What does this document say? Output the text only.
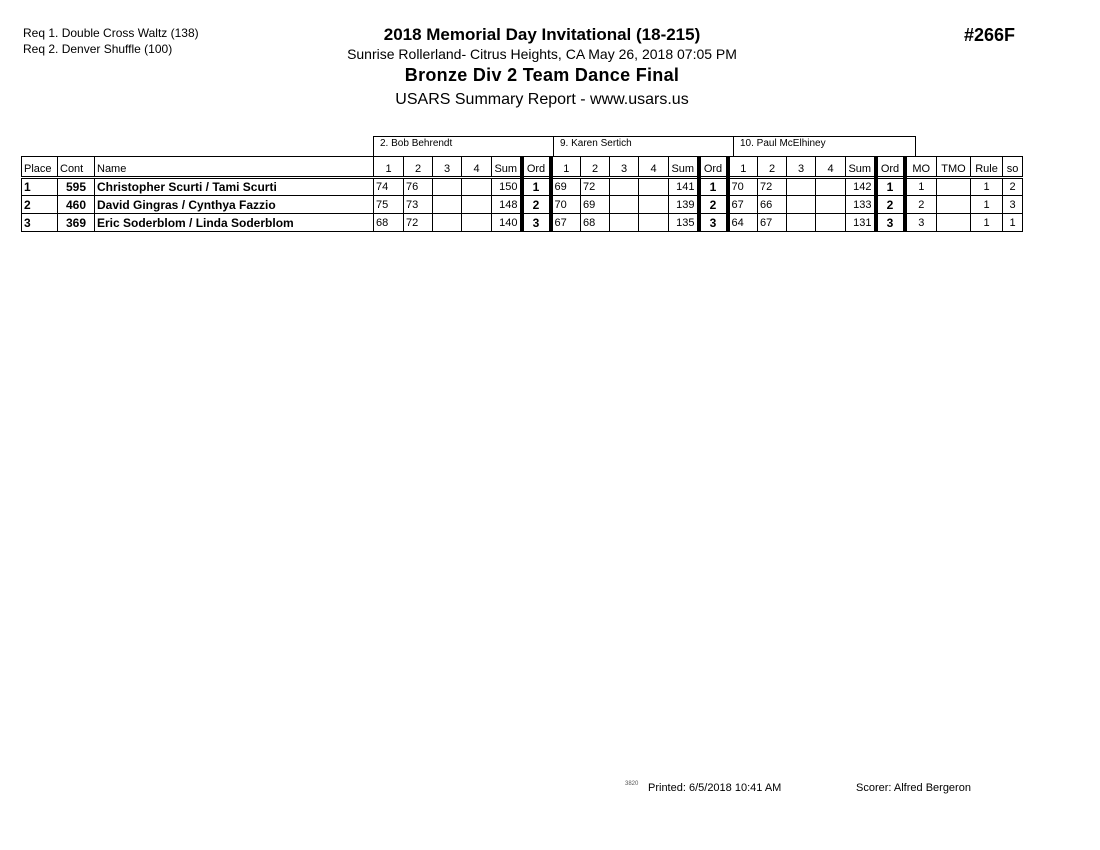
Req 1. Double Cross Waltz (138)
Req 2. Denver Shuffle (100)
2018 Memorial Day Invitational (18-215)
Sunrise Rollerland- Citrus Heights, CA May 26, 2018 07:05 PM
Bronze Div 2 Team Dance Final
USARS Summary Report - www.usars.us
#266F
2. Bob Behrendt	9. Karen Sertich	10. Paul McElhiney
Place	Cont	Name	1	2	3	4	Sum	Ord	1	2	3	4	Sum	Ord	1	2	3	4	Sum	Ord	MO	TMO	Rule	so
1	595	Christopher Scurti / Tami Scurti	74	76			150	1	69	72			141	1	70	72			142	1	1		1	2
2	460	David Gingras / Cynthya Fazzio	75	73			148	2	70	69			139	2	67	66			133	2	2		1	3
3	369	Eric Soderblom / Linda Soderblom	68	72			140	3	67	68			135	3	64	67			131	3	3		1	1
3820 Printed: 6/5/2018 10:41 AM	Scorer: Alfred Bergeron
